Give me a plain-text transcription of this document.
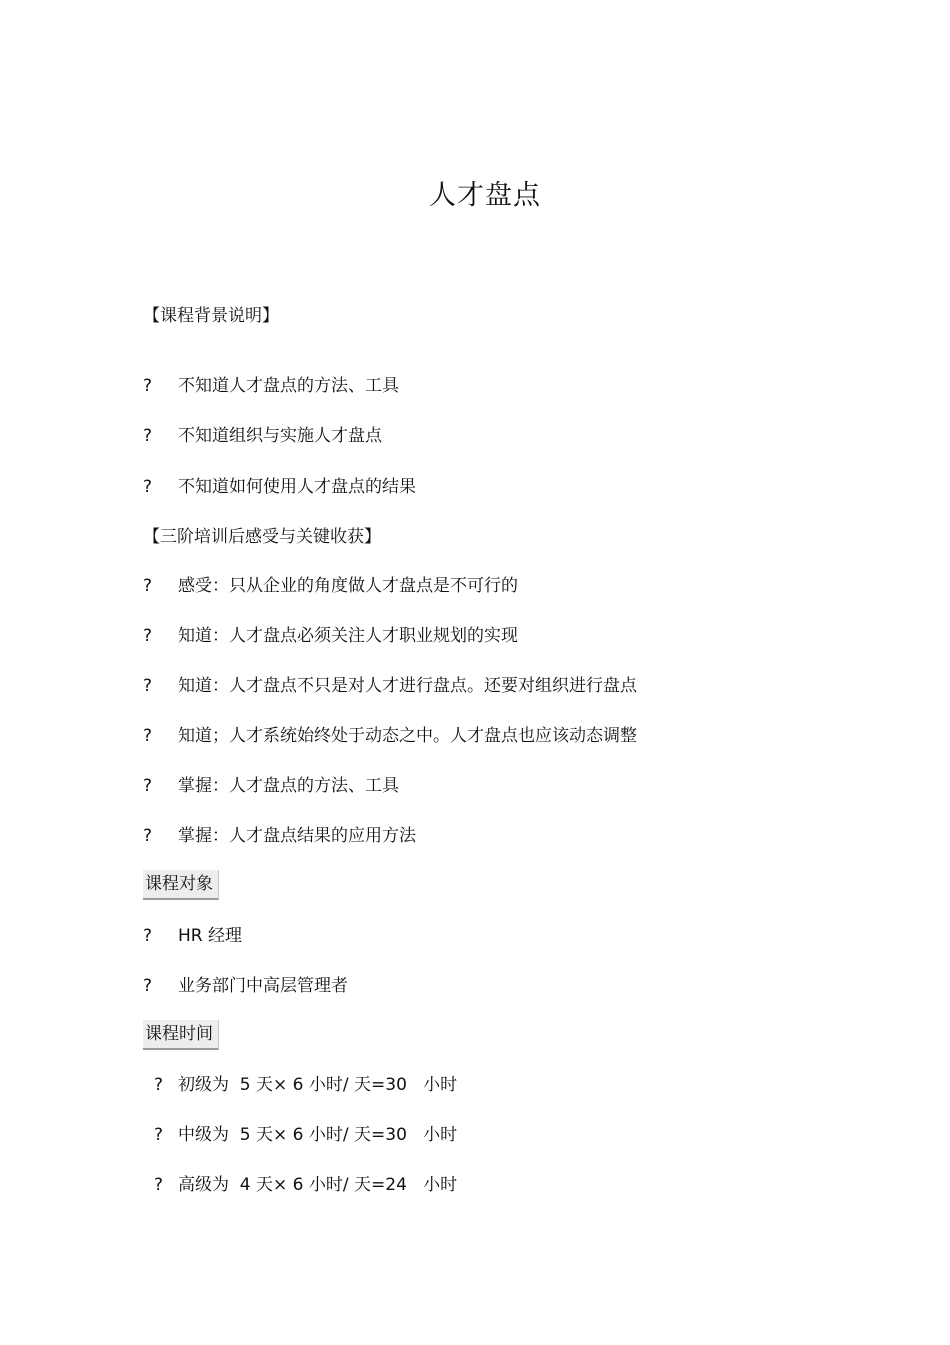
人才盘点
【课程背景说明】
? 不知道人才盘点的方法、工具
? 不知道组织与实施人才盘点
? 不知道如何使用人才盘点的结果
【三阶培训后感受与关键收获】
? 感受：只从企业的角度做人才盘点是不可行的
? 知道：人才盘点必须关注人才职业规划的实现
? 知道：人才盘点不只是对人才进行盘点。还要对组织进行盘点
? 知道；人才系统始终处于动态之中。人才盘点也应该动态调整
? 掌握：人才盘点的方法、工具
? 掌握：人才盘点结果的应用方法
课程对象
? HR 经理
? 业务部门中高层管理者
课程时间
? 初级为  5 天× 6 小时/ 天=30   小时
? 中级为  5 天× 6 小时/ 天=30   小时
? 高级为  4 天× 6 小时/ 天=24   小时
